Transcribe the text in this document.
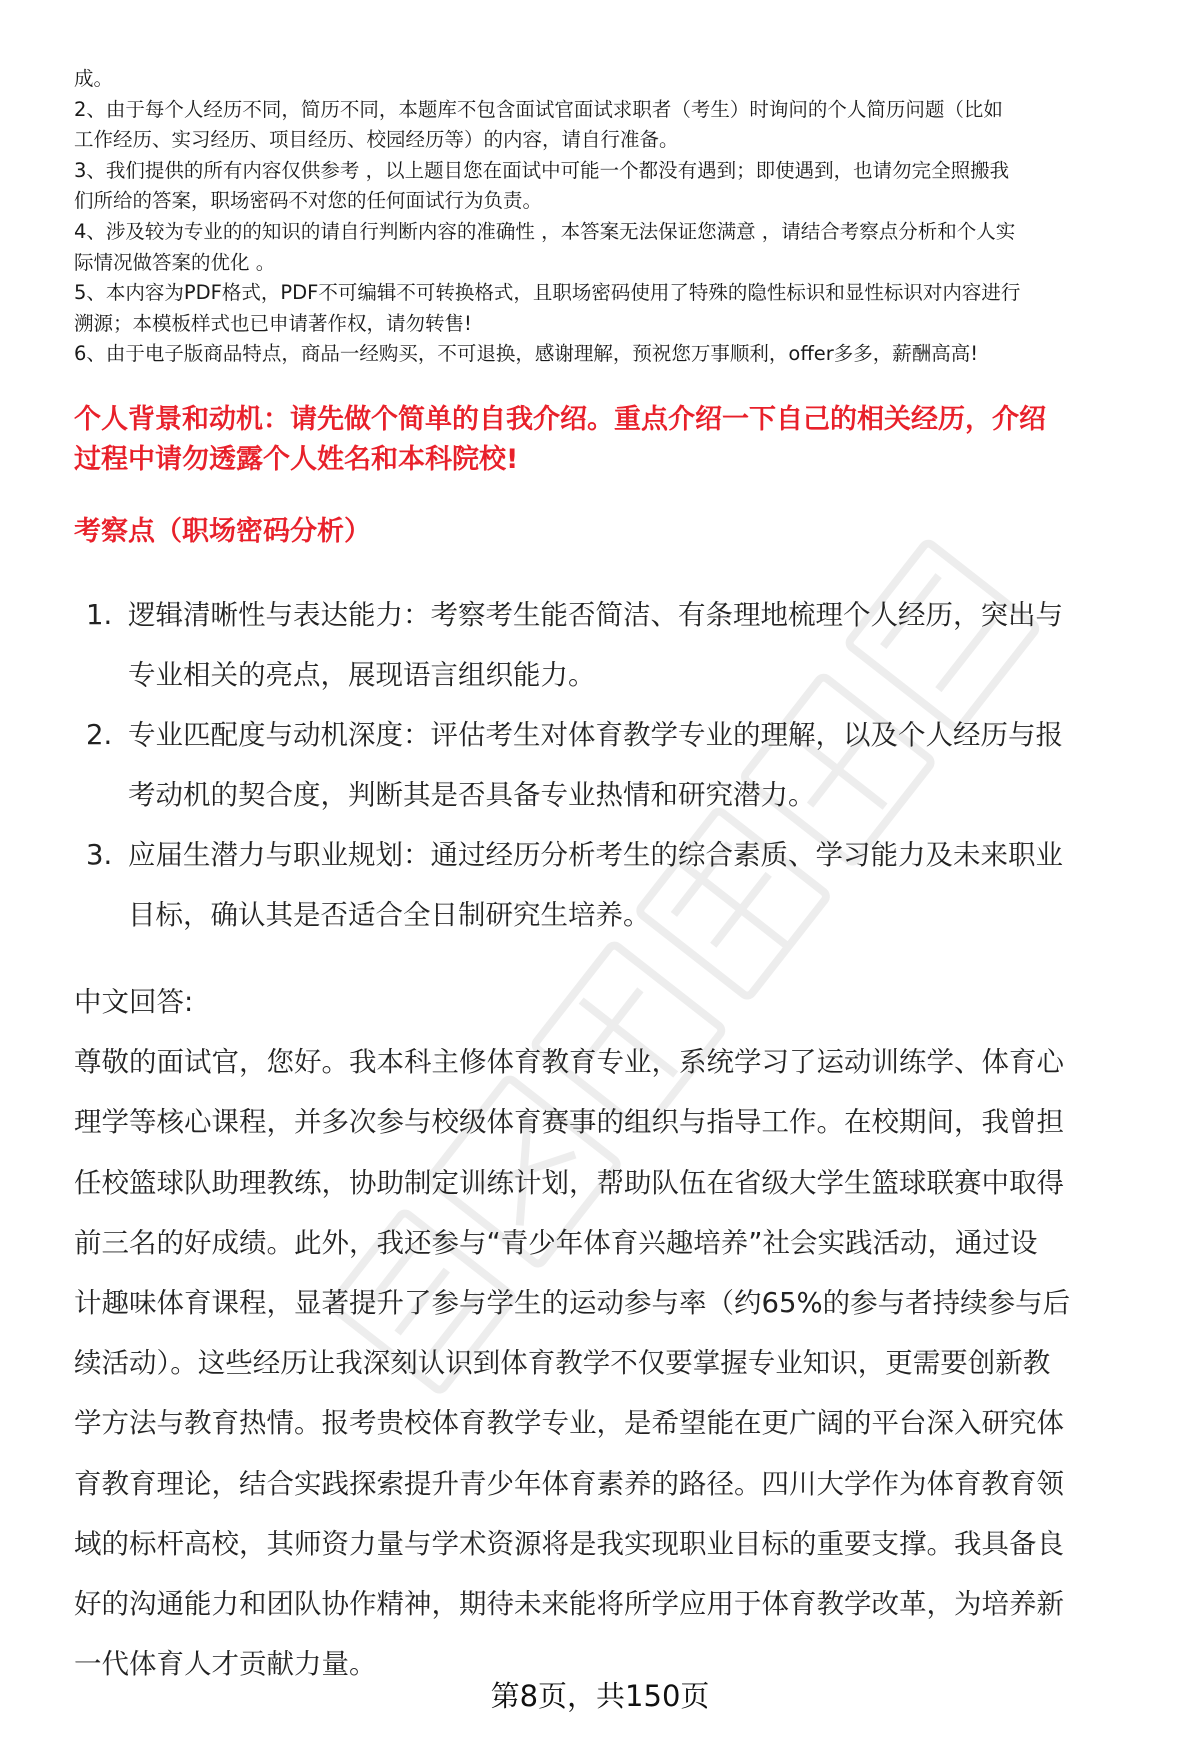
成。

2、由于每个人经历不同，简历不同，本题库不包含面试官面试求职者（考生）时询问的个人简历问题（比如

工作经历、实习经历、项目经历、校园经历等）的内容，请自行准备。

3、我们提供的所有内容仅供参考 ，以上题目您在面试中可能一个都没有遇到；即使遇到，也请勿完全照搬我

们所给的答案，职场密码不对您的任何面试行为负责。

4、涉及较为专业的的知识的请自行判断内容的准确性 ，本答案无法保证您满意 ，请结合考察点分析和个人实

际情况做答案的优化 。

5、本内容为PDF格式，PDF不可编辑不可转换格式，且职场密码使用了特殊的隐性标识和显性标识对内容进行

溯源；本模板样式也已申请著作权，请勿转售!

6、由于电子版商品特点，商品一经购买，不可退换，感谢理解，预祝您万事顺利，offer多多，薪酬高高!

个人背景和动机：请先做个简单的自我介绍。重点介绍一下自己的相关经历，介绍

过程中请勿透露个人姓名和本科院校!

考察点（职场密码分析）
1. 逻辑清晰性与表达能力：考察考生能否简洁、有条理地梳理个人经历，突出与

专业相关的亮点，展现语言组织能力。

2. 专业匹配度与动机深度：评估考生对体育教学专业的理解，以及个人经历与报

考动机的契合度，判断其是否具备专业热情和研究潜力。

3. 应届生潜力与职业规划：通过经历分析考生的综合素质、学习能力及未来职业

目标，确认其是否适合全日制研究生培养。

中文回答:

尊敬的面试官，您好。我本科主修体育教育专业，系统学习了运动训练学、体育心

理学等核心课程，并多次参与校级体育赛事的组织与指导工作。在校期间，我曾担

任校篮球队助理教练，协助制定训练计划，帮助队伍在省级大学生篮球联赛中取得

前三名的好成绩。此外，我还参与“青少年体育兴趣培养”社会实践活动，通过设

计趣味体育课程，显著提升了参与学生的运动参与率（约65%的参与者持续参与后

续活动）。这些经历让我深刻认识到体育教学不仅要掌握专业知识，更需要创新教

学方法与教育热情。报考贵校体育教学专业，是希望能在更广阔的平台深入研究体

育教育理论，结合实践探索提升青少年体育素养的路径。四川大学作为体育教育领

域的标杆高校，其师资力量与学术资源将是我实现职业目标的重要支撑。我具备良

好的沟通能力和团队协作精神，期待未来能将所学应用于体育教学改革，为培养新

一代体育人才贡献力量。

第8页，共150页
